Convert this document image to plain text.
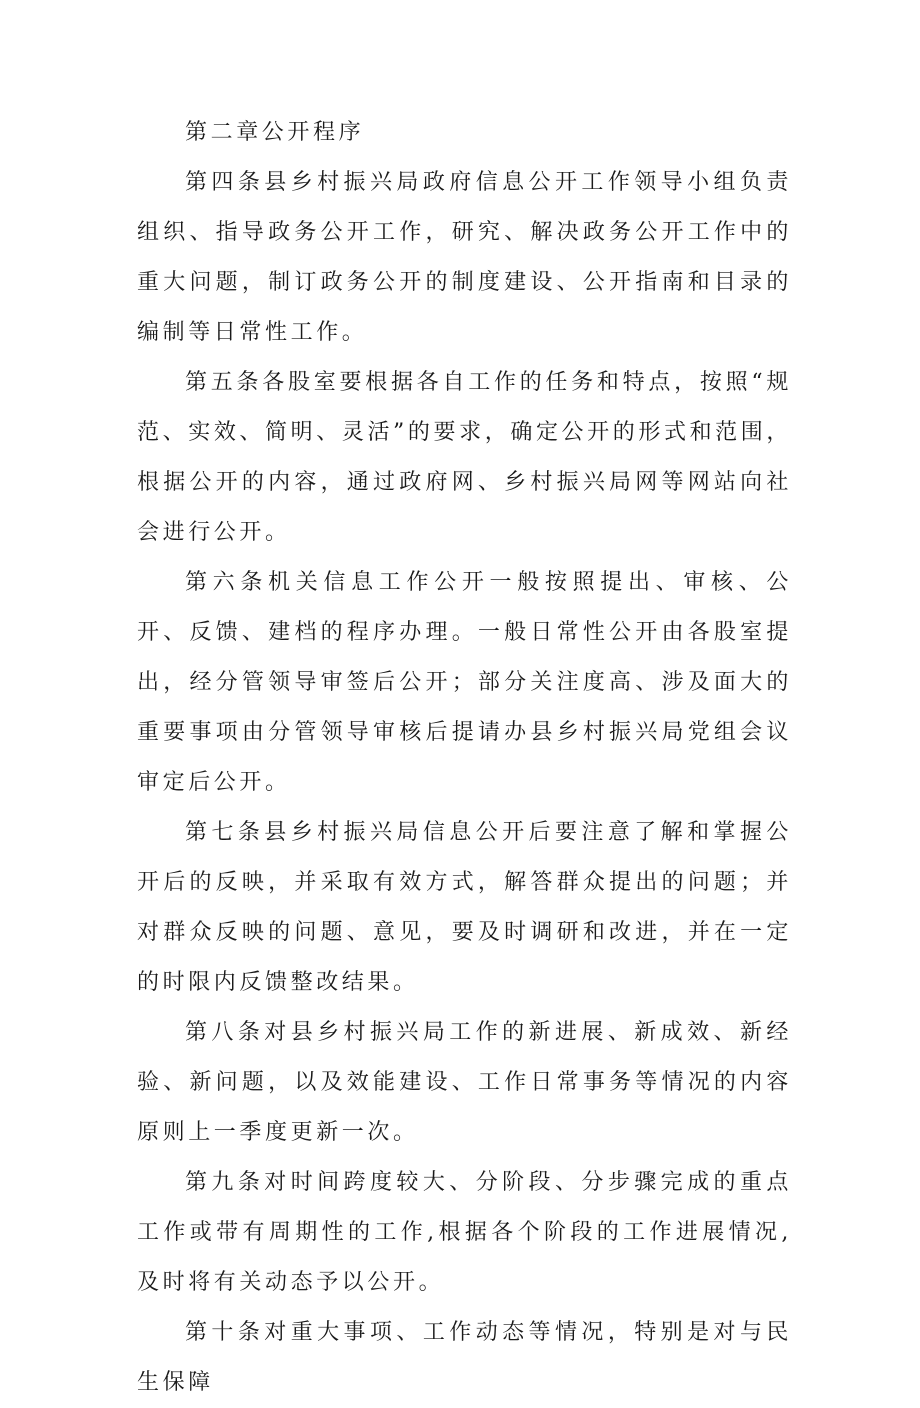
第二章公开程序
第四条县乡村振兴局政府信息公开工作领导小组负责组织、指导政务公开工作，研究、解决政务公开工作中的重大问题，制订政务公开的制度建设、公开指南和目录的编制等日常性工作。
第五条各股室要根据各自工作的任务和特点，按照“规范、实效、简明、灵活”的要求，确定公开的形式和范围，根据公开的内容，通过政府网、乡村振兴局网等网站向社会进行公开。
第六条机关信息工作公开一般按照提出、审核、公开、反馈、建档的程序办理。一般日常性公开由各股室提出，经分管领导审签后公开；部分关注度高、涉及面大的重要事项由分管领导审核后提请办县乡村振兴局党组会议审定后公开。
第七条县乡村振兴局信息公开后要注意了解和掌握公开后的反映，并采取有效方式，解答群众提出的问题；并对群众反映的问题、意见，要及时调研和改进，并在一定的时限内反馈整改结果。
第八条对县乡村振兴局工作的新进展、新成效、新经验、新问题，以及效能建设、工作日常事务等情况的内容原则上一季度更新一次。
第九条对时间跨度较大、分阶段、分步骤完成的重点工作或带有周期性的工作,根据各个阶段的工作进展情况,及时将有关动态予以公开。
第十条对重大事项、工作动态等情况，特别是对与民生保障
